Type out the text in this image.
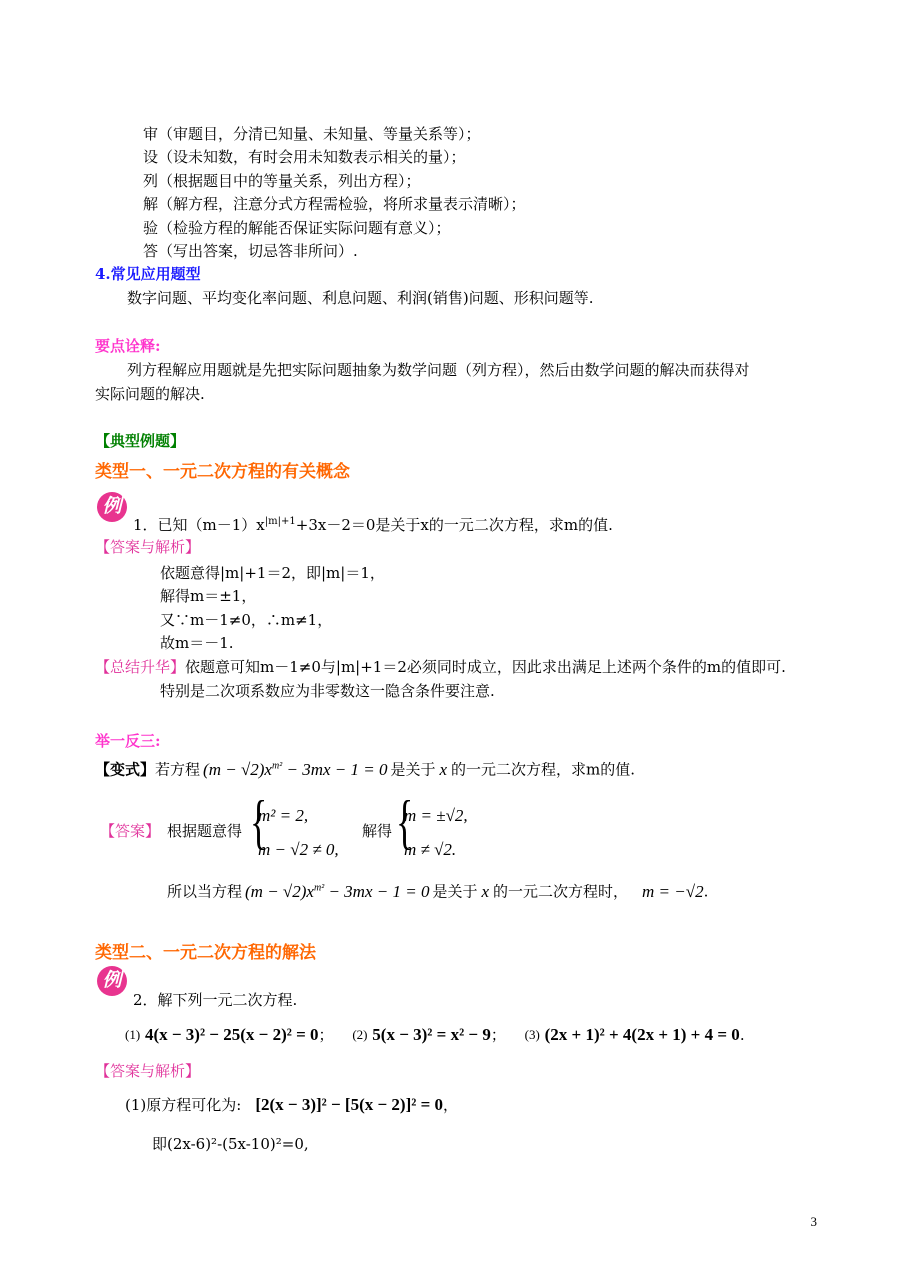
审（审题目，分清已知量、未知量、等量关系等）；
设（设未知数，有时会用未知数表示相关的量）；
列（根据题目中的等量关系，列出方程）；
解（解方程，注意分式方程需检验，将所求量表示清晰）；
验（检验方程的解能否保证实际问题有意义）；
答（写出答案，切忌答非所问）.
4.常见应用题型
数字问题、平均变化率问题、利息问题、利润(销售)问题、形积问题等.
要点诠释:
列方程解应用题就是先把实际问题抽象为数学问题（列方程），然后由数学问题的解决而获得对
实际问题的解决.
【典型例题】
类型一、一元二次方程的有关概念
例
1．已知$(m-1)x^{|m|+1}+3x-2=0$是关于x的一元二次方程，求m的值.
【答案与解析】
依题意得|m|+1＝2，即|m|＝1，
解得m＝±1，
又∵m－1≠0，∴m≠1，
故m＝－1.
【总结升华】依题意可知m－1≠0与|m|+1＝2必须同时成立，因此求出满足上述两个条件的m的值即可.
特别是二次项系数应为非零数这一隐含条件要注意.
举一反三:
【变式】若方程 $(m - √2)x^{m^2} - 3mx - 1 = 0$ 是关于 x 的一元二次方程，求m的值.
【答案】 根据题意得 {
m² = 2,
m − √2 ≠ 0,
解得 {
m = ±√2,
m ≠ √2.
所以当方程 $(m - √2)x^{m^2} - 3mx - 1 = 0$ 是关于 x 的一元二次方程时， m = −√2.
类型二、一元二次方程的解法
例
2．解下列一元二次方程.
(1) 4(x − 3)² − 25(x − 2)² = 0； (2) 5(x − 3)² = x² − 9； (3) (2x + 1)² + 4(2x + 1) + 4 = 0.
【答案与解析】
(1)原方程可化为: [2(x − 3)]² − [5(x − 2)]² = 0，
即(2x-6)²-(5x-10)²=0,
3
